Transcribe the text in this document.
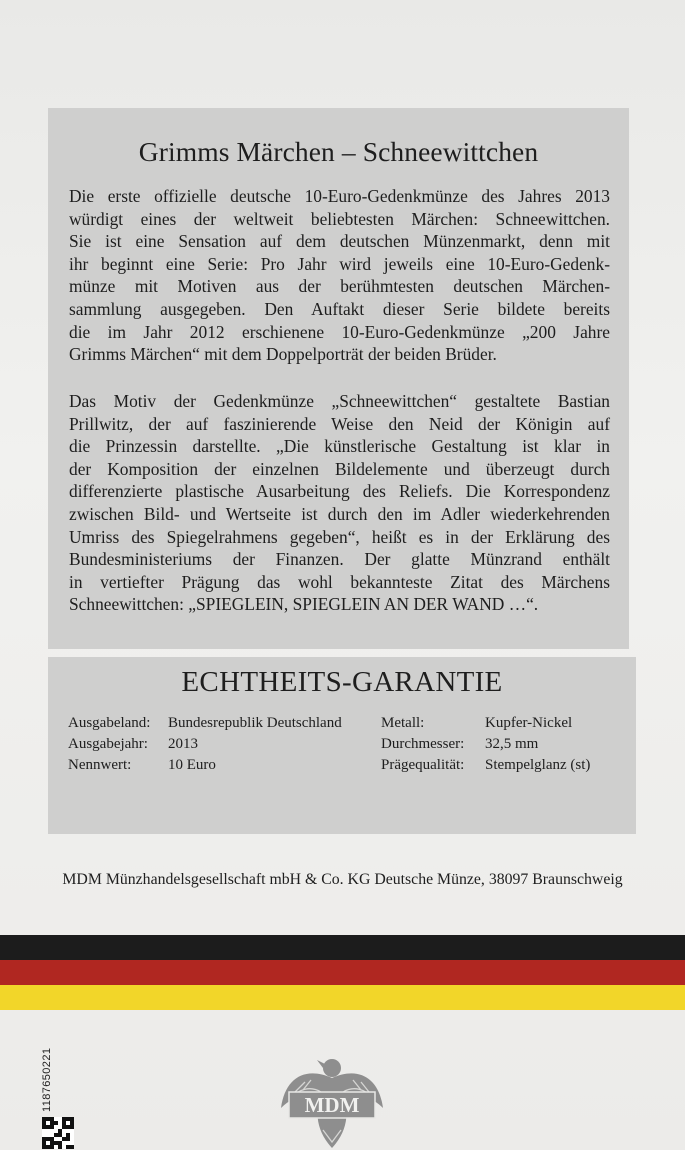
Grimms Märchen – Schneewittchen

Die erste offizielle deutsche 10-Euro-Gedenkmünze des Jahres 2013
würdigt eines der weltweit beliebtesten Märchen: Schneewittchen.
Sie ist eine Sensation auf dem deutschen Münzenmarkt, denn mit
ihr beginnt eine Serie: Pro Jahr wird jeweils eine 10-Euro-Gedenk-
münze mit Motiven aus der berühmtesten deutschen Märchen-
sammlung ausgegeben. Den Auftakt dieser Serie bildete bereits
die im Jahr 2012 erschienene 10-Euro-Gedenkmünze „200 Jahre
Grimms Märchen“ mit dem Doppelporträt der beiden Brüder.

Das Motiv der Gedenkmünze „Schneewittchen“ gestaltete Bastian
Prillwitz, der auf faszinierende Weise den Neid der Königin auf
die Prinzessin darstellte. „Die künstlerische Gestaltung ist klar in
der Komposition der einzelnen Bildelemente und überzeugt durch
differenzierte plastische Ausarbeitung des Reliefs. Die Korrespondenz
zwischen Bild- und Wertseite ist durch den im Adler wiederkehrenden
Umriss des Spiegelrahmens gegeben“, heißt es in der Erklärung des
Bundesministeriums der Finanzen. Der glatte Münzrand enthält
in vertiefter Prägung das wohl bekannteste Zitat des Märchens
Schneewittchen: „SPIEGLEIN, SPIEGLEIN AN DER WAND …“.

ECHTHEITS-GARANTIE
Ausgabeland:
Ausgabejahr:
Nennwert:
Bundesrepublik Deutschland
2013
10 Euro
Metall:
Durchmesser:
Prägequalität:
Kupfer-Nickel
32,5 mm
Stempelglanz (st)
MDM Münzhandelsgesellschaft mbH & Co. KG Deutsche Münze, 38097 Braunschweig
1187650221	MDM
